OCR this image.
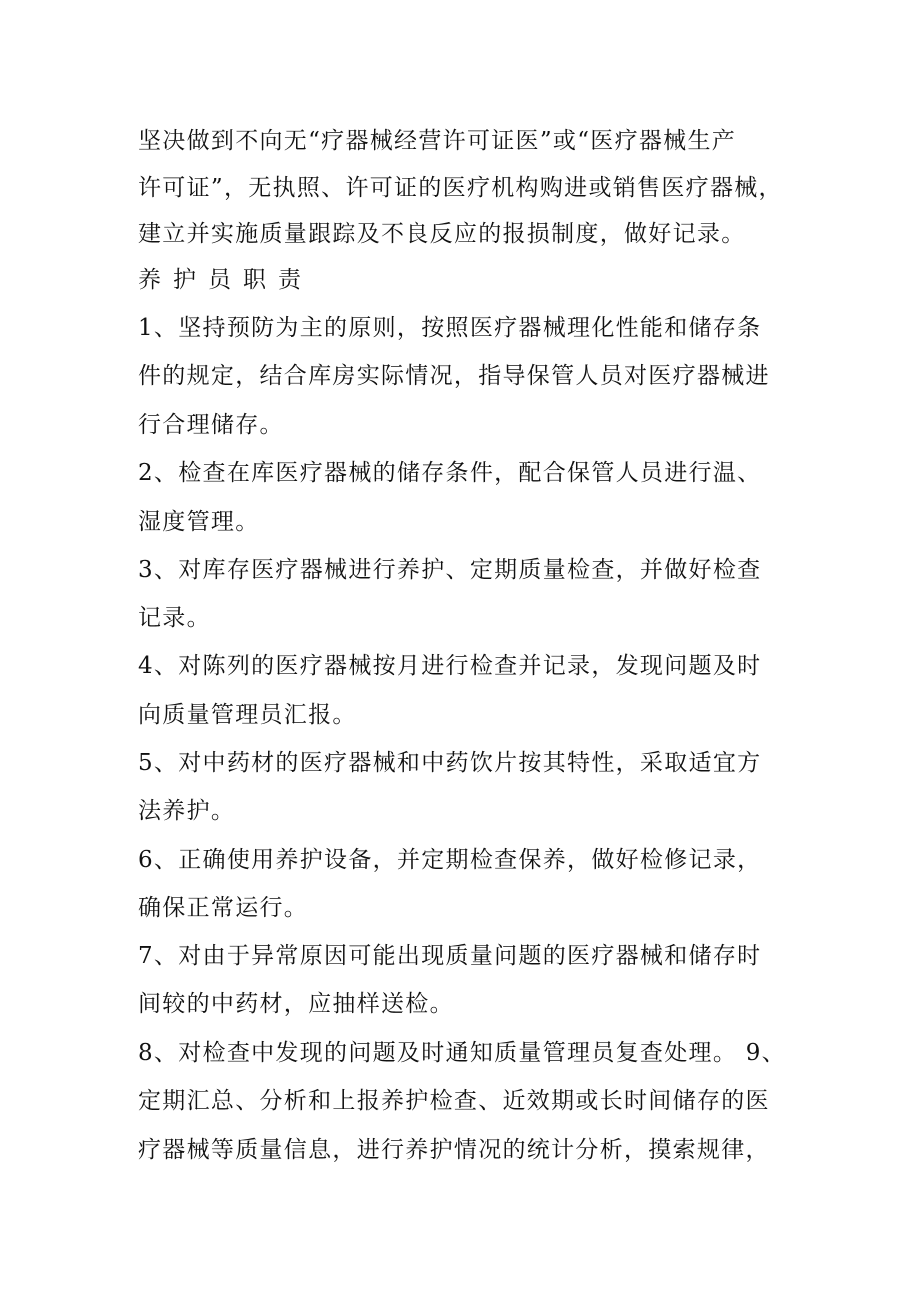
坚决做到不向无“疗器械经营许可证医”或“医疗器械生产
许可证”，无执照、许可证的医疗机构购进或销售医疗器械，
建立并实施质量跟踪及不良反应的报损制度，做好记录。
养护员职责
1、坚持预防为主的原则，按照医疗器械理化性能和储存条
件的规定，结合库房实际情况，指导保管人员对医疗器械进
行合理储存。
2、检查在库医疗器械的储存条件，配合保管人员进行温、
湿度管理。
3、对库存医疗器械进行养护、定期质量检查，并做好检查
记录。
4、对陈列的医疗器械按月进行检查并记录，发现问题及时
向质量管理员汇报。
5、对中药材的医疗器械和中药饮片按其特性，采取适宜方
法养护。
6、正确使用养护设备，并定期检查保养，做好检修记录，
确保正常运行。
7、对由于异常原因可能出现质量问题的医疗器械和储存时
间较的中药材，应抽样送检。
8、对检查中发现的问题及时通知质量管理员复查处理。 9、
定期汇总、分析和上报养护检查、近效期或长时间储存的医
疗器械等质量信息，进行养护情况的统计分析，摸索规律，
